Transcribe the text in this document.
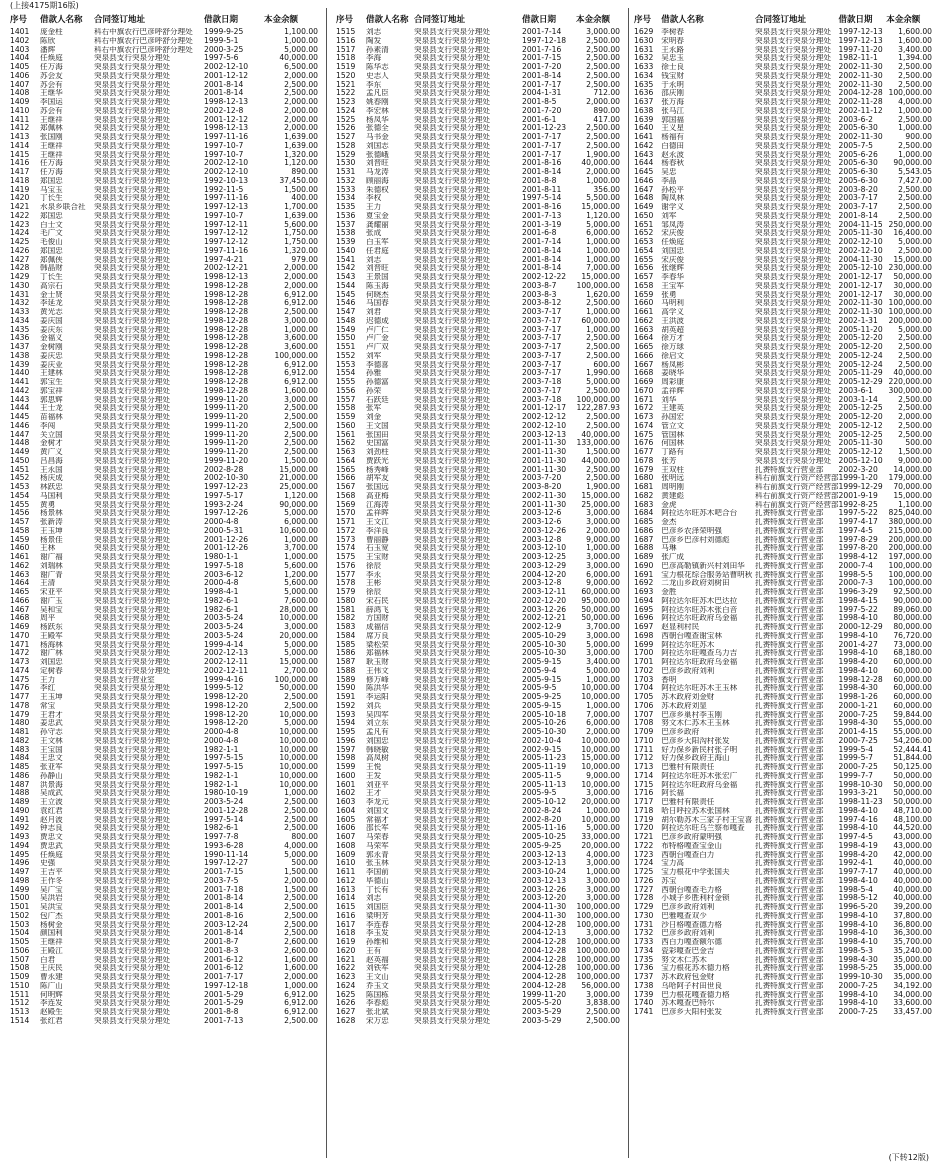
(上接4175期16版)
序号	借款人名称	合同签订地址	借款日期	本金余额
1401	庞金柱	科右中旗农行巴彦呼舒分理处	1999-9-25	1,100.00
1402	陈欣	科右中旗农行巴彦呼舒分理处	1999-5-1	1,000.00
1403	潘辉	科右中旗农行巴彦呼舒分理处	2000-3-25	5,000.00
1404	任焕庭	突泉县支行突泉分理处	1997-5-6	40,000.00
1405	任万海	突泉县支行突泉分理处	2002-12-10	6,500.00
1406	苏会友	突泉县支行突泉分理处	2001-12-12	2,000.00
1407	苏会有	突泉县支行突泉分理处	2001-8-14	2,500.00
1408	王继华	突泉县支行突泉分理处	2001-8-14	2,500.00
1409	李国运	突泉县支行突泉分理处	1998-12-13	2,000.00
1410	苏会有	突泉县支行突泉分理处	2002-12-8	2,000.00
1411	王继祥	突泉县支行突泉分理处	2001-12-12	2,000.00
1412	郑佩林	突泉县支行突泉分理处	1998-12-13	2,000.00
1413	张国刚	突泉县支行突泉分理处	1997-11-16	1,639.00
1414	王继祥	突泉县支行突泉分理处	1997-10-7	1,639.00
1415	王继祥	突泉县支行突泉分理处	1997-10-7	1,320.00
1416	任万海	突泉县支行突泉分理处	2002-12-10	1,120.00
1417	任万海	突泉县支行突泉分理处	2002-12-10	890.00
1418	郑国忠	突泉县支行突泉分理处	1992-10-13	37,450.00
1419	马宝玉	突泉县支行突泉分理处	1992-11-5	1,500.00
1420	丁长生	突泉县支行突泉分理处	1997-11-16	400.00
1421	水泉乡联合社	突泉县支行突泉分理处	1997-12-13	1,700.00
1422	郑国忠	突泉县支行突泉分理处	1997-10-7	1,639.00
1423	白士文	突泉县支行突泉分理处	1997-12-11	5,600.00
1424	毛广文	突泉县支行突泉分理处	1997-12-12	1,750.00
1425	毛俊山	突泉县支行突泉分理处	1997-12-12	1,750.00
1426	郑国忠	突泉县支行突泉分理处	1997-11-16	1,320.00
1427	郑佩侠	突泉县支行突泉分理处	1997-4-21	979.00
1428	韩晶财	突泉县支行突泉分理处	2002-12-21	2,000.00
1429	丁长生	突泉县支行突泉分理处	1998-12-13	2,000.00
1430	高宗石	突泉县支行突泉分理处	1998-12-28	2,000.00
1431	金士贤	突泉县支行突泉分理处	1998-12-28	6,912.00
1432	李延龙	突泉县支行突泉分理处	1998-12-28	6,912.00
1433	黄光志	突泉县支行突泉分理处	1998-12-28	2,500.00
1434	姜庆国	突泉县支行突泉分理处	1998-12-28	3,000.00
1435	姜庆东	突泉县支行突泉分理处	1998-12-28	1,000.00
1436	金福义	突泉县支行突泉分理处	1998-12-28	3,600.00
1437	金树刚	突泉县支行突泉分理处	1998-12-28	3,600.00
1438	姜庆忠	突泉县支行突泉分理处	1998-12-28	100,000.00
1439	姜庆业	突泉县支行突泉分理处	1998-12-28	6,912.00
1440	王建林	突泉县支行突泉分理处	1998-12-28	6,912.00
1441	郭宝生	突泉县支行突泉分理处	1998-12-28	6,912.00
1442	郭宝祥	突泉县支行突泉分理处	1998-12-28	1,600.00
1443	郭思辉	突泉县支行突泉分理处	1999-11-20	3,000.00
1444	王士龙	突泉县支行突泉分理处	1999-11-20	2,500.00
1445	苗福林	突泉县支行突泉分理处	1999-11-20	2,500.00
1446	李闯	突泉县支行突泉分理处	1999-11-20	2,500.00
1447	关立国	突泉县支行突泉分理处	1999-11-20	2,500.00
1448	金树才	突泉县支行突泉分理处	1999-11-20	2,500.00
1449	黄广义	突泉县支行突泉分理处	1999-11-20	2,500.00
1450	吕昌海	突泉县支行突泉分理处	1999-11-20	1,500.00
1451	王永国	突泉县支行突泉分理处	2002-8-28	15,000.00
1452	杨庆成	突泉县支行突泉分理处	2002-10-30	21,000.00
1453	林跃忠	突泉县支行突泉分理处	1997-12-23	25,000.00
1454	马国利	突泉县支行突泉分理处	1997-5-17	1,120.00
1455	黄勇	突泉县支行突泉分理处	1993-2-24	90,000.00
1456	杨景林	突泉县支行突泉分理处	1997-12-26	5,000.00
1457	张新涛	突泉县支行突泉分理处	2000-4-8	6,000.00
1458	王玉坤	突泉县支行突泉分理处	2000-5-31	10,600.00
1459	杨景佳	突泉县支行突泉分理处	2001-12-26	1,000.00
1460	王林	突泉县支行突泉分理处	2001-12-26	3,700.00
1461	谢广福	突泉县支行突泉分理处	1980-1-1	1,000.00
1462	刘瑞林	突泉县支行突泉分理处	1997-5-18	5,600.00
1463	谢广青	突泉县支行突泉分理处	2003-6-12	1,200.00
1464	王清	突泉县支行突泉分理处	2000-4-8	5,600.00
1465	宋亚平	突泉县支行突泉分理处	1998-4-1	5,000.00
1466	谢广玉	突泉县支行突泉分理处	1982-6-1	7,600.00
1467	吴和宝	突泉县支行突泉分理处	1982-6-1	28,000.00
1468	周平	突泉县支行突泉分理处	2003-5-24	10,000.00
1469	杨跃东	突泉县支行突泉分理处	2003-5-24	3,000.00
1470	王殿军	突泉县支行突泉分理处	2003-5-24	20,000.00
1471	杨海林	突泉县支行突泉分理处	1999-4-14	5,000.00
1472	谢广林	突泉县支行突泉分理处	2002-12-13	5,000.00
1473	刘国忠	突泉县支行突泉分理处	2002-12-11	15,000.00
1474	定树春	突泉县支行突泉分理处	2002-12-11	2,700.00
1475	王力	突泉县支行营业室	1999-4-16	100,000.00
1476	李红	突泉县支行突泉分理处	1999-5-12	50,000.00
1477	王玉坤	突泉县支行突泉分理处	1998-12-20	2,500.00
1478	常宝	突泉县支行突泉分理处	1998-12-20	2,500.00
1479	王君才	突泉县支行突泉分理处	1998-12-20	10,000.00
1480	姜忠武	突泉县支行突泉分理处	1998-12-20	5,000.00
1481	孙守志	突泉县支行突泉分理处	2000-4-8	10,000.00
1482	王文林	突泉县支行突泉分理处	2000-4-8	10,000.00
1483	王宝国	突泉县支行突泉分理处	1982-1-1	10,000.00
1484	王忠文	突泉县支行突泉分理处	1997-5-15	10,000.00
1485	张亚军	突泉县支行突泉分理处	1997-5-15	10,000.00
1486	孙静山	突泉县支行突泉分理处	1982-1-1	10,000.00
1487	洪景海	突泉县支行突泉分理处	1982-1-1	10,000.00
1488	吴成武	突泉县支行突泉分理处	1980-10-19	1,000.00
1489	王立波	突泉县支行突泉分理处	2003-5-24	2,500.00
1490	袁红君	突泉县支行突泉分理处	2001-12-28	2,500.00
1491	赵月波	突泉县支行突泉分理处	1997-5-14	2,500.00
1492	钟志良	突泉县支行突泉分理处	1982-6-1	2,500.00
1493	贾忠文	突泉县支行突泉分理处	1997-7-8	800.00
1494	贾忠武	突泉县支行突泉分理处	1993-6-28	4,000.00
1495	任焕庭	突泉县支行突泉分理处	1990-11-14	5,000.00
1496	史强	突泉县支行突泉分理处	1997-12-27	500.00
1497	王吉平	突泉县支行突泉分理处	2001-7-15	1,500.00
1498	王作冬	突泉县支行突泉分理处	2003-7-5	2,000.00
1499	吴广宝	突泉县支行突泉分理处	2001-7-18	1,500.00
1500	吴洪岩	突泉县支行突泉分理处	2001-8-14	2,500.00
1501	吴洪宝	突泉县支行突泉分理处	2001-8-14	2,500.00
1502	包广杰	突泉县支行突泉分理处	2001-8-16	2,500.00
1503	杨树金	突泉县支行突泉分理处	2003-12-24	2,500.00
1504	颜国利	突泉县支行突泉分理处	2001-8-14	2,500.00
1505	王继祥	突泉县支行突泉分理处	2001-8-7	2,600.00
1506	王殿江	突泉县支行突泉分理处	2001-8-3	2,600.00
1507	白君	突泉县支行突泉分理处	2001-6-12	1,600.00
1508	王庆民	突泉县支行突泉分理处	2001-6-12	1,600.00
1509	曹永建	突泉县支行突泉分理处	2001-7-17	2,000.00
1510	陈广山	突泉县支行突泉分理处	1997-12-18	1,000.00
1511	何明辉	突泉县支行突泉分理处	2001-5-29	6,912.00
1512	李连发	突泉县支行突泉分理处	2001-5-29	6,912.00
1513	赵殿生	突泉县支行突泉分理处	2001-8-8	6,912.00
1514	张红君	突泉县支行突泉分理处	2001-7-13	2,500.00
序号	借款人名称	合同签订地址	借款日期	本金余额
1515	刘志	突泉县支行突泉分理处	2001-7-14	3,000.00
1516	陶发	突泉县支行突泉分理处	1997-12-18	2,500.00
1517	孙素清	突泉县支行突泉分理处	2001-7-16	2,500.00
1518	李海	突泉县支行突泉分理处	2001-7-15	2,500.00
1519	陈华志	突泉县支行突泉分理处	2001-7-20	2,500.00
1520	史志人	突泉县支行突泉分理处	2001-8-14	2,500.00
1521	李东	突泉县支行突泉分理处	2001-7-17	2,500.00
1522	孟凡臣	突泉县支行突泉分理处	2004-1-31	712.00
1523	姚春刚	突泉县支行突泉分理处	2001-8-5	2,000.00
1524	李宏林	突泉县支行突泉分理处	2001-7-20	890.00
1525	杨凤华	突泉县支行突泉分理处	2001-6-1	417.00
1526	张德全	突泉县支行突泉分理处	2001-12-23	2,500.00
1527	马书金	突泉县支行突泉分理处	2001-7-17	2,500.00
1528	刘国志	突泉县支行突泉分理处	2001-7-17	2,500.00
1529	张德峨	突泉县支行突泉分理处	2001-7-17	1,900.00
1530	刘晋旺	突泉县支行突泉分理处	2001-8-16	40,000.00
1531	马龙涛	突泉县支行突泉分理处	2001-8-14	2,000.00
1532	顾丽海	突泉县支行突泉分理处	2001-8-8	1,000.00
1533	朱德权	突泉县支行突泉分理处	2001-8-11	356.00
1534	李权	突泉县支行突泉分理处	1997-5-14	5,500.00
1535	王力	突泉县支行突泉分理处	2001-8-16	15,000.00
1536	夏宝金	突泉县支行突泉分理处	2001-7-13	1,120.00
1537	龚耀丽	突泉县支行突泉分理处	2001-3-19	5,000.00
1538	张成	突泉县支行突泉分理处	2001-6-8	6,000.00
1539	白玉军	突泉县支行突泉分理处	2001-7-14	1,000.00
1540	任君庭	突泉县支行突泉分理处	2001-8-14	1,000.00
1541	刘志	突泉县支行突泉分理处	2001-8-14	1,000.00
1542	刘晋旺	突泉县支行突泉分理处	2001-8-14	7,000.00
1543	王景国	突泉县支行突泉分理处	2002-12-22	15,000.00
1544	陈玉海	突泉县支行突泉分理处	2003-8-7	100,000.00
1545	何晓杰	突泉县支行突泉分理处	2003-8-3	1,620.00
1546	马国春	突泉县支行突泉分理处	2003-8-12	2,500.00
1547	刘君	突泉县支行突泉分理处	2003-7-17	1,000.00
1548	迟德成	突泉县支行突泉分理处	2003-7-17	60,000.00
1549	卢广仁	突泉县支行突泉分理处	2003-7-17	1,000.00
1550	卢广金	突泉县支行突泉分理处	2003-7-17	2,500.00
1551	卢广双	突泉县支行突泉分理处	2003-7-17	2,500.00
1552	刘军	突泉县支行突泉分理处	2003-7-17	2,500.00
1553	李德喜	突泉县支行突泉分理处	2003-7-17	600.00
1554	孙雅	突泉县支行突泉分理处	2003-7-17	1,990.00
1555	孙德富	突泉县支行突泉分理处	2003-7-18	5,000.00
1556	孙荣	突泉县支行突泉分理处	2003-7-17	2,500.00
1557	石跃廷	突泉县支行突泉分理处	2003-7-18	100,000.00
1558	张军	突泉县支行突泉分理处	2001-12-17	122,287.93
1559	刘金	突泉县支行突泉分理处	2002-12-12	2,500.00
1560	王文国	突泉县支行突泉分理处	2002-12-10	2,500.00
1561	张国田	突泉县支行突泉分理处	2003-12-13	40,000.00
1562	史国富	突泉县支行突泉分理处	2001-11-30	133,000.00
1563	刘劲柱	突泉县支行突泉分理处	2001-11-30	1,500.00
1564	贾跃光	突泉县支行突泉分理处	2001-11-30	44,000.00
1565	杨秀峰	突泉县支行突泉分理处	2001-11-30	2,500.00
1566	胡军友	突泉县支行突泉分理处	2003-7-20	2,500.00
1567	张国远	突泉县支行突泉分理处	2003-8-20	1,900.00
1568	高亚梅	突泉县支行突泉分理处	2002-11-30	15,000.00
1569	江海涛	突泉县支行突泉分理处	2001-11-30	25,000.00
1570	孟祥晖	突泉县支行突泉分理处	2003-12-6	3,000.00
1571	王文江	突泉县支行突泉分理处	2003-12-6	3,000.00
1572	李洋良	突泉县支行突泉分理处	2003-12-26	2,000.00
1573	曹丽静	突泉县支行突泉分理处	2003-12-8	9,000.00
1574	石玉宽	突泉县支行突泉分理处	2003-12-10	1,000.00
1575	王宝财	突泉县支行突泉分理处	2003-12-25	3,000.00
1576	徐辰	突泉县支行突泉分理处	2003-12-29	3,000.00
1577	李永	突泉县支行突泉分理处	2004-12-20	6,000.00
1578	王彬	突泉县支行突泉分理处	2003-12-8	9,000.00
1579	徐辰	突泉县支行突泉分理处	2003-12-11	60,000.00
1580	宋石民	突泉县支行突泉分理处	2002-12-20	95,000.00
1581	薛鸿飞	突泉县支行突泉分理处	2003-12-26	50,000.00
1582	方国财	突泉县支行突泉分理处	2002-12-21	50,000.00
1583	成福信	突泉县支行突泉分理处	2002-12-9	3,700.00
1584	席万良	突泉县支行突泉分理处	2005-10-29	3,000.00
1585	梁松荣	突泉县支行突泉分理处	2005-10-30	5,000.00
1586	郑福林	突泉县支行突泉分理处	2005-10-30	3,000.00
1587	耿玉财	突泉县支行突泉分理处	2005-9-15	3,400.00
1588	王伟文	突泉县支行突泉分理处	2005-9-4	5,000.00
1589	修万峰	突泉县支行突泉分理处	2005-9-15	1,000.00
1590	陈洪华	突泉县支行突泉分理处	2005-9-5	10,000.00
1591	李运阳	突泉县支行突泉分理处	2005-9-25	10,000.00
1592	刘兵	突泉县支行突泉分理处	2005-9-15	1,000.00
1593	吴四军	突泉县支行突泉分理处	2005-10-18	7,000.00
1594	刘立东	突泉县支行突泉分理处	2005-10-26	6,000.00
1595	孟凡有	突泉县支行突泉分理处	2005-10-30	2,000.00
1596	刘国忠	突泉县支行突泉分理处	2002-10-4	10,000.00
1597	韩晓敏	突泉县支行突泉分理处	2002-9-15	10,000.00
1598	高凤树	突泉县支行突泉分理处	2005-11-23	15,000.00
1599	王悦	突泉县支行突泉分理处	2005-11-19	10,000.00
1600	王发	突泉县支行突泉分理处	2005-11-5	9,000.00
1601	刘亚平	突泉县支行突泉分理处	2005-11-13	10,000.00
1602	王才	突泉县支行突泉分理处	2005-9-5	3,000.00
1603	李龙元	突泉县支行突泉分理处	2005-10-12	20,000.00
1604	刘国文	突泉县支行突泉分理处	2002-8-24	1,000.00
1605	常福才	突泉县支行突泉分理处	2002-8-20	10,000.00
1606	邵长军	突泉县支行突泉分理处	2005-11-16	5,000.00
1607	马荣春	突泉县支行突泉分理处	2005-10-25	33,000.00
1608	马荣军	突泉县支行突泉分理处	2005-9-25	20,000.00
1609	郭永青	突泉县支行突泉分理处	2003-12-13	4,000.00
1610	张玉林	突泉县支行突泉分理处	2003-12-13	3,000.00
1611	李国前	突泉县支行突泉分理处	2003-10-24	1,000.00
1612	毕德山	突泉县支行突泉分理处	2003-12-13	3,000.00
1613	丁长有	突泉县支行突泉分理处	2003-12-26	3,000.00
1614	刘志	突泉县支行突泉分理处	2003-12-20	3,000.00
1615	刘国臣	突泉县支行突泉分理处	2004-11-30	100,000.00
1616	梁明芳	突泉县支行突泉分理处	2004-11-30	100,000.00
1617	李连春	突泉县支行突泉分理处	2004-12-28	100,000.00
1618	李玉发	突泉县支行突泉分理处	2004-12-13	3,000.00
1619	孙维和	突泉县支行突泉分理处	2004-12-28	100,000.00
1620	王有	突泉县支行突泉分理处	2004-12-28	100,000.00
1621	赵英福	突泉县支行突泉分理处	2004-12-28	100,000.00
1622	刘铁军	突泉县支行突泉分理处	2004-12-28	100,000.00
1623	王文山	突泉县支行突泉分理处	2004-12-28	100,000.00
1624	乔玉文	突泉县支行突泉分理处	2004-12-28	56,000.00
1625	陈国栋	突泉县支行突泉分理处	1999-11-20	3,000.00
1626	李春彪	突泉县支行突泉分理处	2005-5-20	3,838.00
1627	张北斌	突泉县支行突泉分理处	2003-5-29	2,500.00
1628	宋万忠	突泉县支行突泉分理处	2003-5-29	2,500.00
序号	借款人名称	合同签订地址	借款日期	本金余额
1629	李树春	突泉县支行突泉分理处	1997-12-13	1,600.00
1630	宋明春	突泉县支行突泉分理处	1997-12-13	1,600.00
1631	王永路	突泉县支行突泉分理处	1997-11-20	3,400.00
1632	吴忠玉	突泉县支行突泉分理处	1982-11-1	1,394.00
1633	徐士良	突泉县支行突泉分理处	2002-11-30	2,500.00
1634	钱宝财	突泉县支行突泉分理处	2002-11-30	2,500.00
1635	于永明	突泉县支行突泉分理处	2002-11-30	2,500.00
1636	邵庆刚	突泉县支行突泉分理处	2004-12-28	100,000.00
1637	张万海	突泉县支行突泉分理处	2002-11-28	4,000.00
1638	张马江	突泉县支行突泉分理处	2002-11-12	1,000.00
1639	郭国福	突泉县支行突泉分理处	2003-6-2	2,500.00
1640	王义星	突泉县支行突泉分理处	2005-6-30	1,000.00
1641	杨福有	突泉县支行突泉分理处	2002-11-30	900.00
1642	白德田	突泉县支行突泉分理处	2005-7-5	2,500.00
1643	赵永波	突泉县支行突泉分理处	2005-6-26	1,000.00
1644	杨春秋	突泉县支行突泉分理处	2005-6-30	90,000.00
1645	吴忠	突泉县支行突泉分理处	2005-6-30	5,543.05
1646	李晶	突泉县支行突泉分理处	2005-6-30	7,427.00
1647	孙松平	突泉县支行突泉分理处	2003-8-20	2,500.00
1648	陶凤林	突泉县支行突泉分理处	2003-7-17	2,500.00
1649	谢学义	突泉县支行突泉分理处	2003-7-17	2,500.00
1650	刘军	突泉县支行突泉分理处	2001-8-14	2,500.00
1651	邹凤涛	突泉县支行突泉分理处	2004-11-15	250,000.00
1652	宋庆俊	突泉县支行突泉分理处	2005-11-30	16,400.00
1653	任焕庭	突泉县支行突泉分理处	2002-12-10	5,000.00
1654	刘国忠	突泉县支行突泉分理处	2002-12-10	2,500.00
1655	宋庆俊	突泉县支行突泉分理处	2004-11-30	15,000.00
1656	张继辉	突泉县支行突泉分理处	2005-12-10	230,000.00
1657	李春华	突泉县支行突泉分理处	2001-12-17	50,000.00
1658	王宝军	突泉县支行突泉分理处	2001-12-17	30,000.00
1659	张勇	突泉县支行突泉分理处	2001-12-17	30,000.00
1660	马明利	突泉县支行突泉分理处	2002-11-30	100,000.00
1661	高学义	突泉县支行突泉分理处	2002-11-30	100,000.00
1662	王洪波	突泉县支行突泉分理处	2002-1-31	200,000.00
1663	胡英超	突泉县支行突泉分理处	2005-11-20	5,000.00
1664	徐万才	突泉县支行突泉分理处	2005-12-20	2,500.00
1665	徐万球	突泉县支行突泉分理处	2005-12-20	2,500.00
1666	徐启文	突泉县支行突泉分理处	2005-12-24	2,500.00
1667	杨凤彬	突泉县支行突泉分理处	2005-12-24	2,500.00
1668	姜晓华	突泉县支行突泉分理处	2005-11-29	40,000.00
1669	周彩康	突泉县支行突泉分理处	2005-12-29	220,000.00
1670	孟祥辉	突泉县支行突泉分理处	2003-6-1	300,000.00
1671	刘华	突泉县支行突泉分理处	2003-1-14	2,500.00
1672	王建英	突泉县支行突泉分理处	2005-12-25	2,500.00
1673	孙国宏	突泉县支行突泉分理处	2005-12-20	2,000.00
1674	管立文	突泉县支行突泉分理处	2005-12-12	2,500.00
1675	管国林	突泉县支行突泉分理处	2005-12-25	2,500.00
1676	何国林	突泉县支行突泉分理处	2005-11-30	500.00
1677	丁路有	突泉县支行突泉分理处	2005-12-12	1,500.00
1678	张芳	突泉县支行突泉分理处	2005-12-10	9,000.00
1679	王双柱	扎赉特旗支行营业部	2002-3-20	14,000.00
1680	张明远	科右前旗支行资产经营部	1999-1-20	179,000.00
1681	周明刚	科右前旗支行资产经营部	1999-12-29	70,000.00
1682	黄建彪	科右前旗支行资产经营部	2001-9-19	15,000.00
1683	金虎	科右前旗支行资产经营部	1992-8-25	1,100.00
1684	阿拉达尔旺苏木吧合台	扎赉特旗支行营业部	1997-5-22	825,040.00
1685	金杰	扎赉特旗支行营业部	1997-4-17	380,000.00
1686	巴彦乡农泽荣明强	扎赉特旗支行营业部	1997-4-5	215,000.00
1687	巴彦乡巴彦村刘德彪	扎赉特旗支行营业部	1997-8-29	200,000.00
1688	马琳	扎赉特旗支行营业部	1997-8-20	200,000.00
1689	张广成	扎赉特旗支行营业部	1998-4-12	197,000.00
1690	巴彦高勒镇新兴村刘田华	扎赉特旗支行营业部	2000-7-4	100,000.00
1691	宝力根花综合服务站曹明秋	扎赉特旗支行营业部	1998-5-5	100,000.00
1692	二龙山乡政府刘树田	扎赉特旗支行营业部	2000-7-3	100,000.00
1693	金胜	扎赉特旗支行营业部	1996-3-29	92,500.00
1694	阿拉达尔旺苏木巴达拉	扎赉特旗支行营业部	1998-4-15	90,000.00
1695	阿拉达尔旺苏木张白音	扎赉特旗支行营业部	1997-5-22	89,060.00
1696	阿拉达尔旺政府乌金福	扎赉特旗支行营业部	1998-4-10	80,000.00
1697	赵显利村民	扎赉特旗支行营业部	2000-12-29	80,000.00
1698	西朝台嘎查谢宝林	扎赉特旗支行营业部	1998-4-10	76,720.00
1699	阿拉达尔旺苏木	扎赉特旗支行营业部	2001-4-27	73,000.00
1700	阿拉达尔旺嘎查乌力吉	扎赉特旗支行营业部	1998-4-10	68,180.00
1701	阿拉达尔旺政府乌金福	扎赉特旗支行营业部	1998-4-20	60,000.00
1702	巴彦乡政府刘利	扎赉特旗支行营业部	1998-4-10	60,000.00
1703	香明	扎赉特旗支行营业部	1998-12-28	60,000.00
1704	阿拉达尔旺苏木王玉林	扎赉特旗支行营业部	1998-4-30	60,000.00
1705	苏木政府刘金财	扎赉特旗支行营业部	1998-1-26	60,000.00
1706	苏木政府刘显	扎赉特旗支行营业部	2000-1-21	60,000.00
1707	巴彦乡巢村李玉刚	扎赉特旗支行营业部	2000-7-25	59,844.00
1708	努文木仁苏木王玉林	扎赉特旗支行营业部	1998-4-30	55,000.00
1709	巴彦乡政府	扎赉特旗支行营业部	2001-4-15	55,000.00
1710	巴彦乡大阳沟村张发	扎赉特旗支行营业部	2000-7-25	54,206.00
1711	好力保乡新民村张子明	扎赉特旗支行营业部	1999-5-4	52,444.41
1712	好力保乡政府王海山	扎赉特旗支行营业部	1999-5-7	51,844.00
1713	巴雅村有限责任	扎赉特旗支行营业部	2000-7-25	50,125.00
1714	阿拉达尔旺苏木张宏广	扎赉特旗支行营业部	1999-7-7	50,000.00
1715	阿拉达尔旺政府乌金福	扎赉特旗支行营业部	1998-10-30	50,000.00
1716	阿长福	扎赉特旗支行营业部	1993-3-21	50,000.00
1717	巴雅村有限责任	扎赉特旗支行营业部	1998-11-23	50,000.00
1718	哈日呼拉苏木张国林	扎赉特旗支行营业部	1998-4-10	48,710.00
1719	胡尔勒苏木三家子村王宝喜	扎赉特旗支行营业部	1997-4-16	48,100.00
1720	阿拉达尔旺乌兰察布嘎查	扎赉特旗支行营业部	1998-4-10	44,520.00
1721	巴彦乡政府蒙明强	扎赉特旗支行营业部	1997-4-5	43,000.00
1722	布特格嘎查宝金山	扎赉特旗支行营业部	1998-4-19	43,000.00
1723	西朝台嘎查白力	扎赉特旗支行营业部	1998-4-20	42,000.00
1724	宝力高	扎赉特旗支行营业部	1992-4-1	40,000.00
1725	宝力根花中学张国夫	扎赉特旗支行营业部	1997-7-17	40,000.00
1726	苏宝	扎赉特旗支行营业部	1998-4-10	40,000.00
1727	西朝台嘎查毛力格	扎赉特旗支行营业部	1998-5-4	40,000.00
1728	小城子乡胜利村金锁	扎赉特旗支行营业部	1998-5-12	40,000.00
1729	巴彦乡政府刘利	扎赉特旗支行营业部	1996-5-20	39,200.00
1730	巴雅嘎查双少	扎赉特旗支行营业部	1998-4-10	37,800.00
1731	沙日格嘎查德力格	扎赉特旗支行营业部	1998-4-10	36,800.00
1732	巴彦乡政府刘利	扎赉特旗支行营业部	1998-4-10	36,300.00
1733	西白力嘎查额尔德	扎赉特旗支行营业部	1998-4-10	35,700.00
1734	瓷彩嗄查巴金吉	扎赉特旗支行营业部	1998-5-3	35,240.00
1735	努文木仁苏木	扎赉特旗支行营业部	1998-4-30	35,000.00
1736	宝力根花苏木德力格	扎赉特旗支行营业部	1998-5-25	35,000.00
1737	苏木政府包金财	扎赉特旗支行营业部	1999-10-30	35,000.00
1738	乌哈阿子村田世良	扎赉特旗支行营业部	2000-7-25	34,192.00
1739	巴力根花嘎查德力格	扎赉特旗支行营业部	1998-4-10	34,000.00
1740	苏木嘎查巴特尔	扎赉特旗支行营业部	1998-4-10	33,600.00
1741	巴彦乡大阳村张发	扎赉特旗支行营业部	2000-7-25	33,457.00
(下转12版)
